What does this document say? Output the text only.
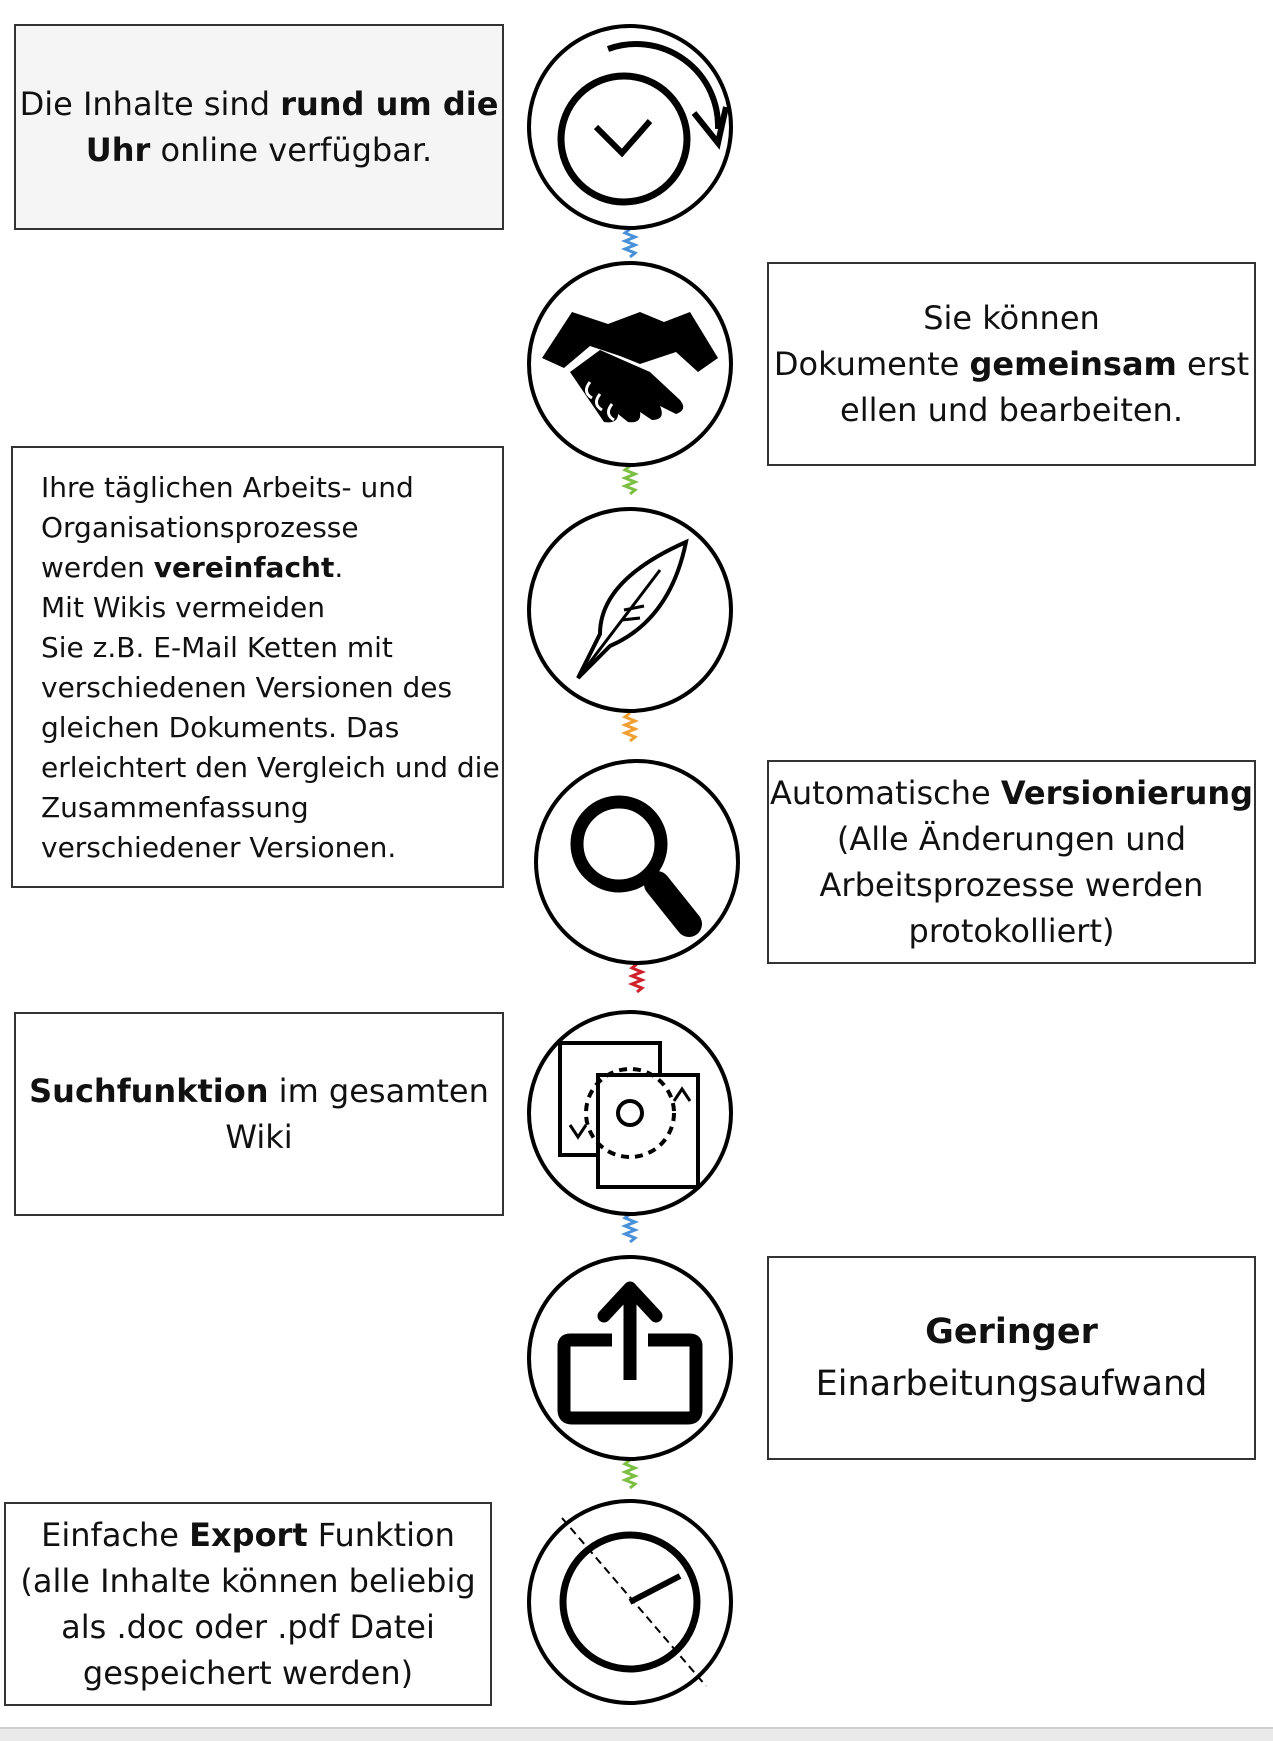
Die Inhalte sind rund um die
Uhr online verfügbar.
Sie können
Dokumente gemeinsam erst
ellen und bearbeiten.
Ihre täglichen Arbeits- und
Organisationsprozesse
werden vereinfacht.
Mit Wikis vermeiden
Sie z.B. E-Mail Ketten mit
verschiedenen Versionen des
gleichen Dokuments. Das
erleichtert den Vergleich und die
Zusammenfassung
verschiedener Versionen.
Automatische Versionierung
(Alle Änderungen und
Arbeitsprozesse werden
protokolliert)
Suchfunktion im gesamten
Wiki
Geringer
Einarbeitungsaufwand
Einfache Export Funktion
(alle Inhalte können beliebig
als .doc oder .pdf Datei
gespeichert werden)
